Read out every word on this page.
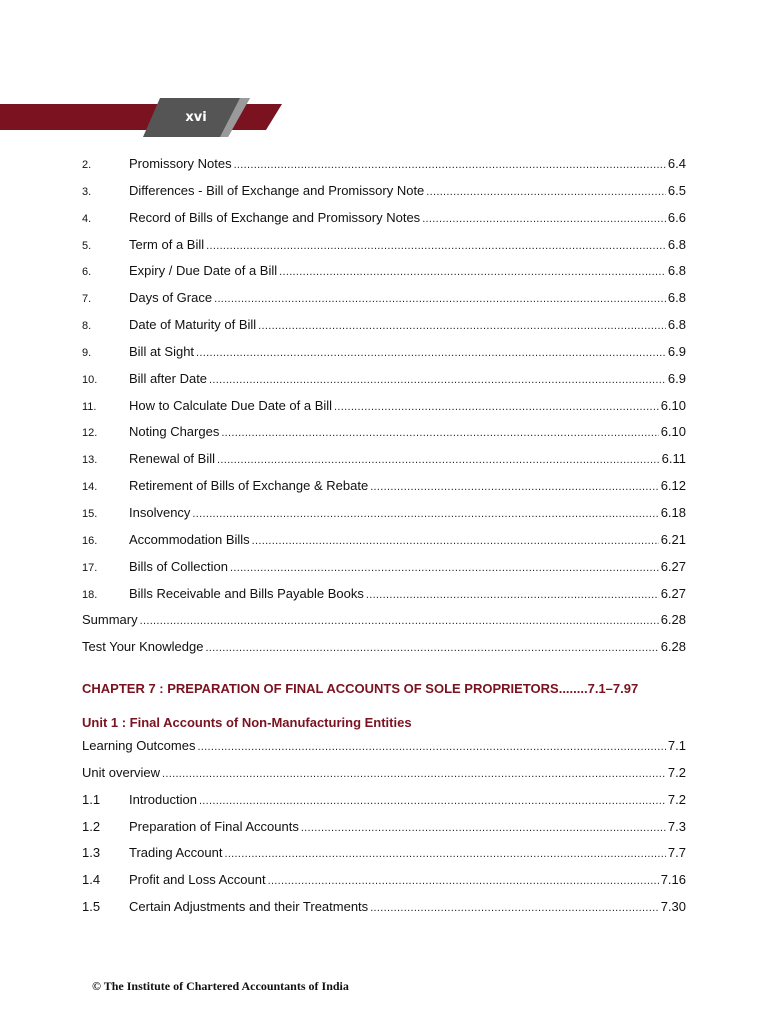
xvi
2.	Promissory Notes .....	6.4
3.	Differences - Bill of Exchange and Promissory Note .....	6.5
4.	Record of Bills of Exchange and Promissory Notes .....	6.6
5.	Term of a Bill .....	6.8
6.	Expiry / Due Date of a Bill .....	6.8
7.	Days of Grace .....	6.8
8.	Date of Maturity of Bill .....	6.8
9.	Bill at Sight .....	6.9
10.	Bill after Date .....	6.9
11.	How to Calculate Due Date of a Bill .....	6.10
12.	Noting Charges .....	6.10
13.	Renewal of Bill .....	6.11
14.	Retirement of Bills of Exchange & Rebate .....	6.12
15.	Insolvency .....	6.18
16.	Accommodation Bills .....	6.21
17.	Bills of Collection .....	6.27
18.	Bills Receivable and Bills Payable Books .....	6.27
Summary .....	6.28
Test Your Knowledge .....	6.28
CHAPTER 7 : PREPARATION OF FINAL ACCOUNTS OF SOLE PROPRIETORS ........ 7.1–7.97
Unit 1 : Final Accounts of Non-Manufacturing Entities
Learning Outcomes .....	7.1
Unit overview .....	7.2
1.1	Introduction .....	7.2
1.2	Preparation of Final Accounts .....	7.3
1.3	Trading Account .....	7.7
1.4	Profit and Loss Account .....	7.16
1.5	Certain Adjustments and their Treatments .....	7.30
© The Institute of Chartered Accountants of India
